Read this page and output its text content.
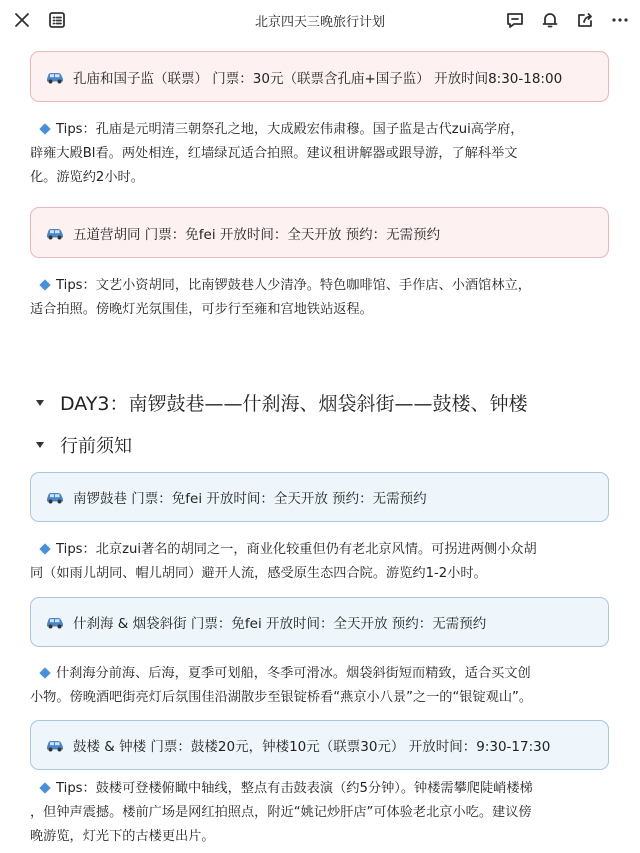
北京四天三晚旅行计划
孔庙和国子监（联票） 门票：30元（联票含孔庙+国子监） 开放时间8:30-18:00
Tips：孔庙是元明清三朝祭孔之地，大成殿宏伟肃穆。国子监是古代zui高学府，
辟雍大殿Bl看。两处相连，红墙绿瓦适合拍照。建议租讲解器或跟导游，了解科举文
化。游览约2小时。
五道营胡同 门票：免fei 开放时间：全天开放 预约：无需预约
Tips：文艺小资胡同，比南锣鼓巷人少清净。特色咖啡馆、手作店、小酒馆林立，
适合拍照。傍晚灯光氛围佳，可步行至雍和宫地铁站返程。
DAY3：南锣鼓巷——什刹海、烟袋斜街——鼓楼、钟楼
行前须知
南锣鼓巷 门票：免fei 开放时间：全天开放 预约：无需预约
Tips：北京zui著名的胡同之一，商业化较重但仍有老北京风情。可拐进两侧小众胡
同（如雨儿胡同、帽儿胡同）避开人流，感受原生态四合院。游览约1-2小时。
什刹海 & 烟袋斜街 门票：免fei 开放时间：全天开放 预约：无需预约
什刹海分前海、后海，夏季可划船，冬季可滑冰。烟袋斜街短而精致，适合买文创
小物。傍晚酒吧街亮灯后氛围佳沿湖散步至银锭桥看“燕京小八景”之一的“银锭观山”。
鼓楼 & 钟楼 门票：鼓楼20元，钟楼10元（联票30元） 开放时间：9:30-17:30
Tips：鼓楼可登楼俯瞰中轴线，整点有击鼓表演（约5分钟）。钟楼需攀爬陡峭楼梯
，但钟声震撼。楼前广场是网红拍照点，附近“姚记炒肝店”可体验老北京小吃。建议傍
晚游览，灯光下的古楼更出片。
